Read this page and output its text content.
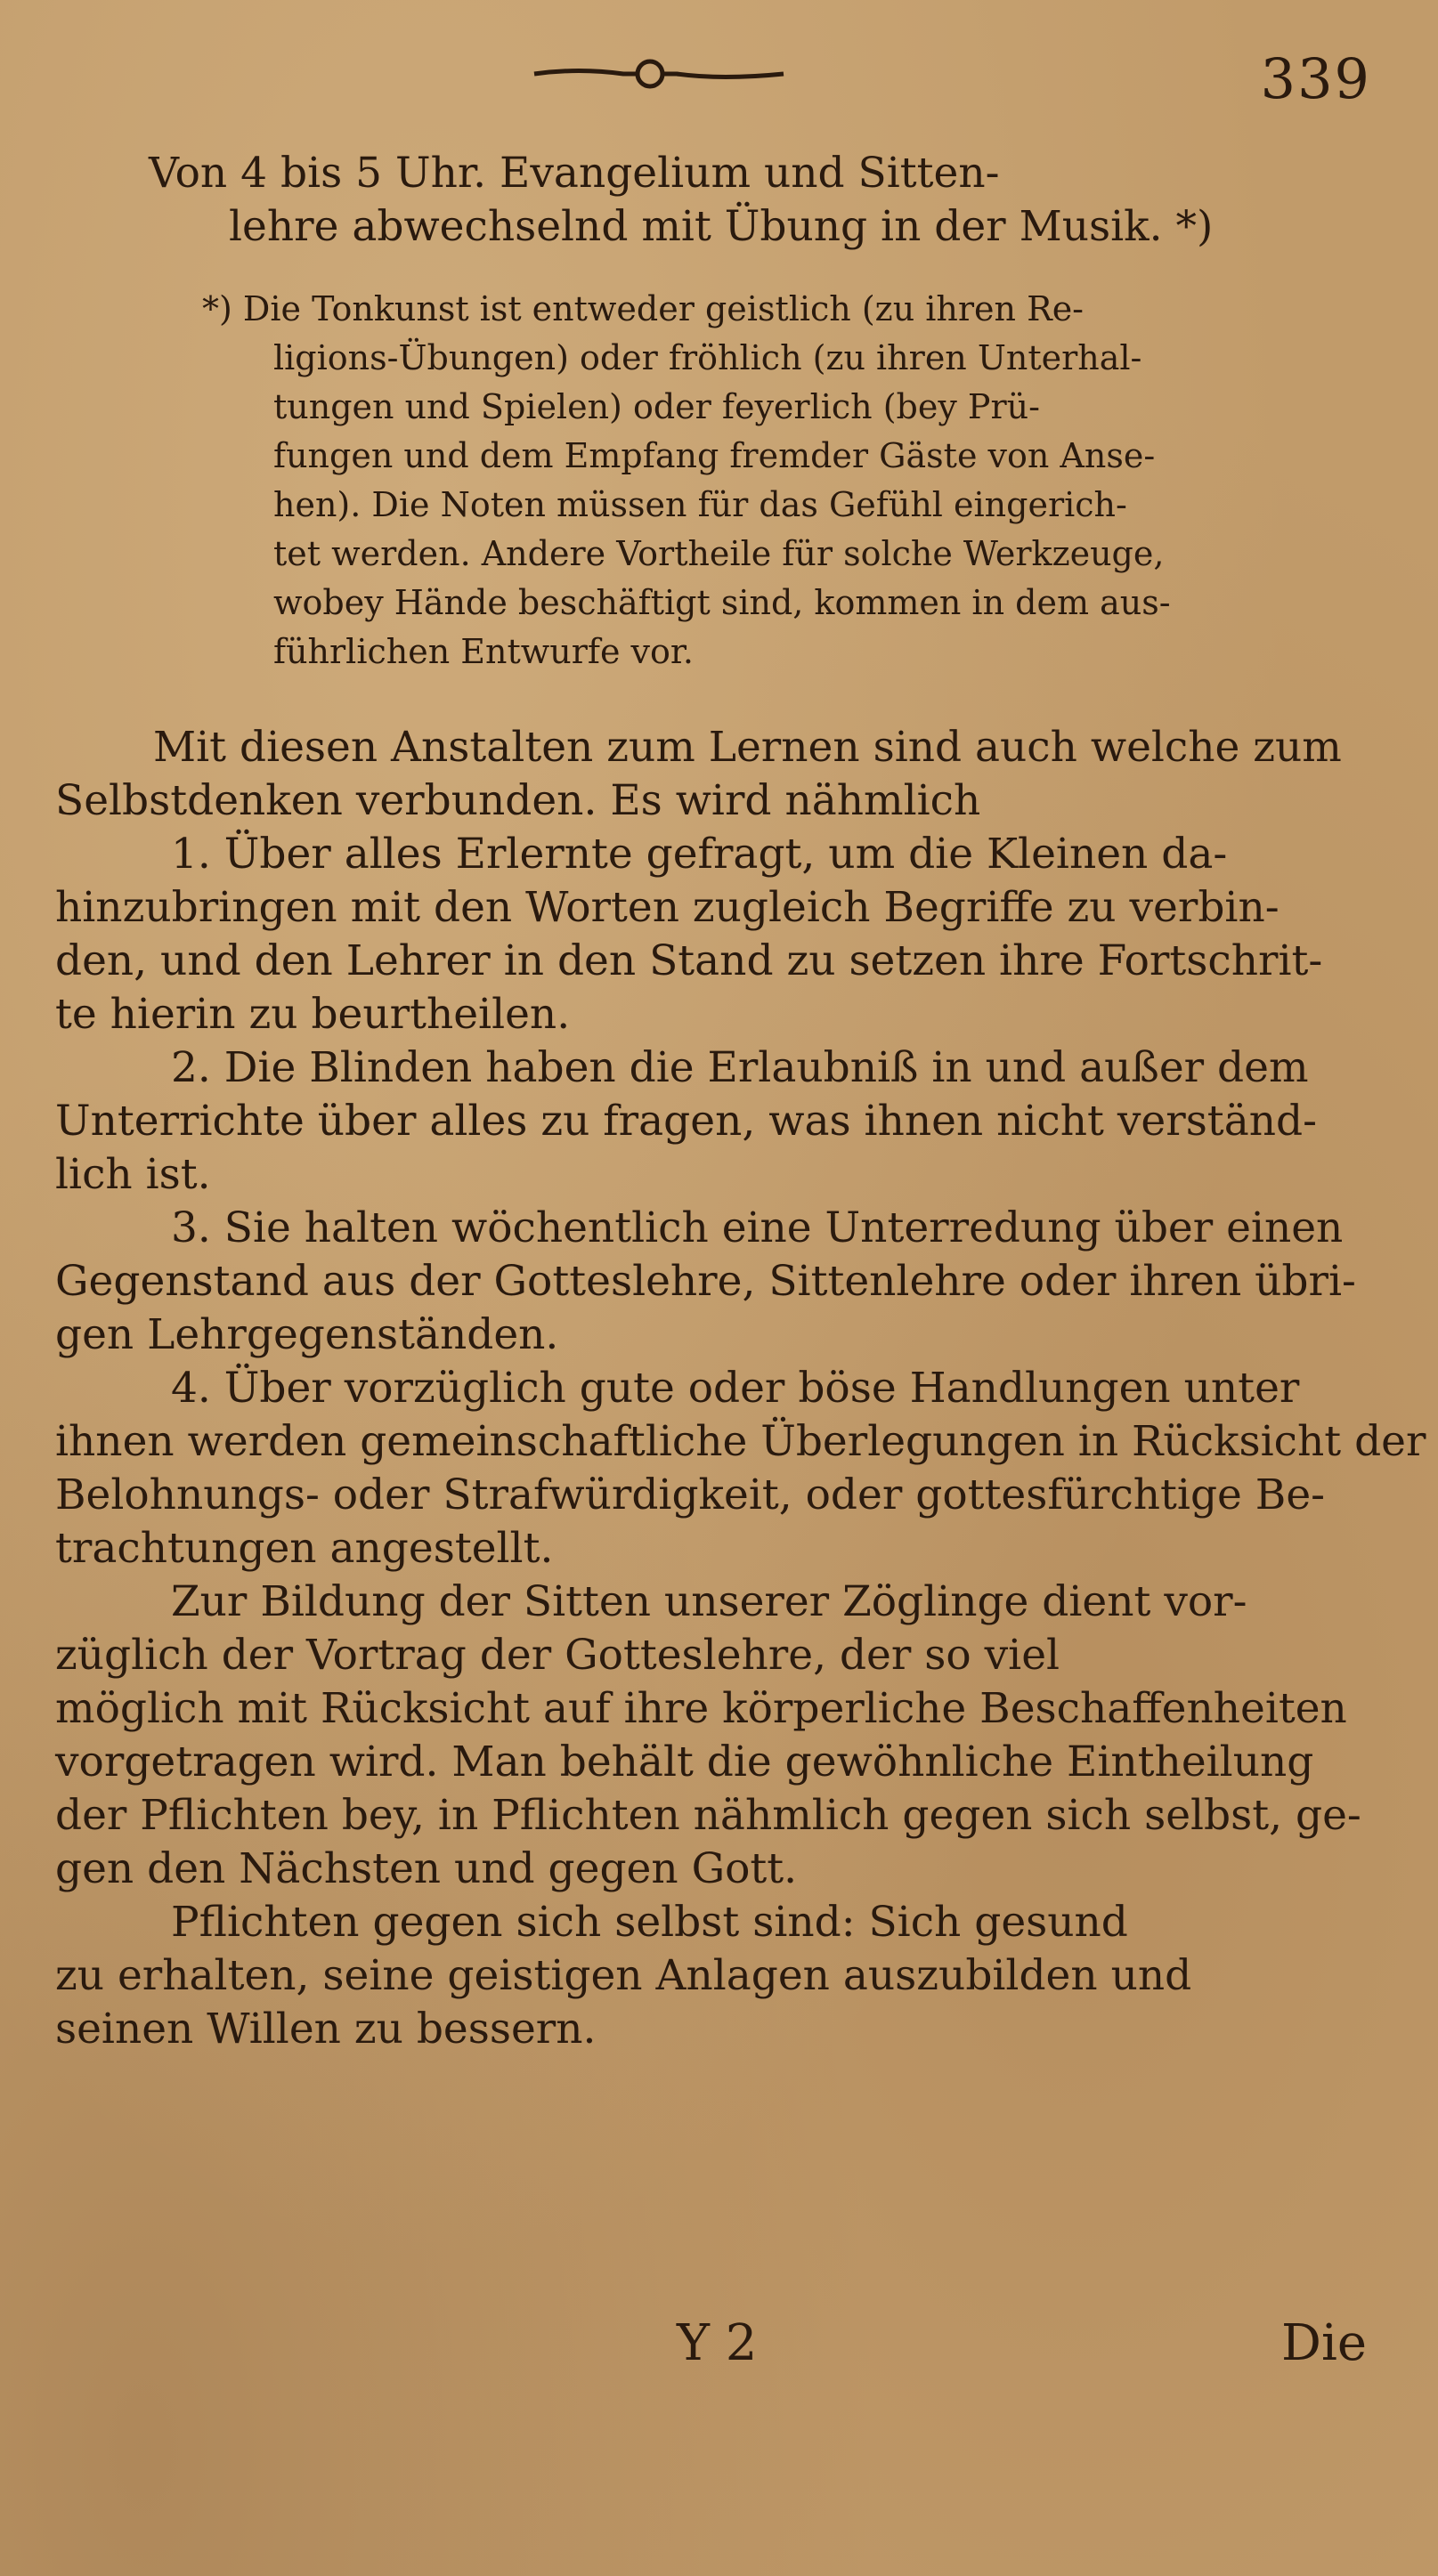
339
Von 4 bis 5 Uhr. Evangelium und Sitten-
lehre abwechselnd mit Übung in der Musik. *)
*) Die Tonkunst ist entweder geistlich (zu ihren Re-
ligions-Übungen) oder fröhlich (zu ihren Unterhal-
tungen und Spielen) oder feyerlich (bey Prü-
fungen und dem Empfang fremder Gäste von Anse-
hen). Die Noten müssen für das Gefühl eingerich-
tet werden. Andere Vortheile für solche Werkzeuge,
wobey Hände beschäftigt sind, kommen in dem aus-
führlichen Entwurfe vor.
Mit diesen Anstalten zum Lernen sind auch welche zum
Selbstdenken verbunden. Es wird nähmlich
1. Über alles Erlernte gefragt, um die Kleinen da-
hinzubringen mit den Worten zugleich Begriffe zu verbin-
den, und den Lehrer in den Stand zu setzen ihre Fortschrit-
te hierin zu beurtheilen.
2. Die Blinden haben die Erlaubniß in und außer dem
Unterrichte über alles zu fragen, was ihnen nicht verständ-
lich ist.
3. Sie halten wöchentlich eine Unterredung über einen
Gegenstand aus der Gotteslehre, Sittenlehre oder ihren übri-
gen Lehrgegenständen.
4. Über vorzüglich gute oder böse Handlungen unter
ihnen werden gemeinschaftliche Überlegungen in Rücksicht der
Belohnungs- oder Strafwürdigkeit, oder gottesfürchtige Be-
trachtungen angestellt.
Zur Bildung der Sitten unserer Zöglinge dient vor-
züglich der Vortrag der Gotteslehre, der so viel
möglich mit Rücksicht auf ihre körperliche Beschaffenheiten
vorgetragen wird. Man behält die gewöhnliche Eintheilung
der Pflichten bey, in Pflichten nähmlich gegen sich selbst, ge-
gen den Nächsten und gegen Gott.
Pflichten gegen sich selbst sind: Sich gesund
zu erhalten, seine geistigen Anlagen auszubilden und
seinen Willen zu bessern.
Y 2	Die
